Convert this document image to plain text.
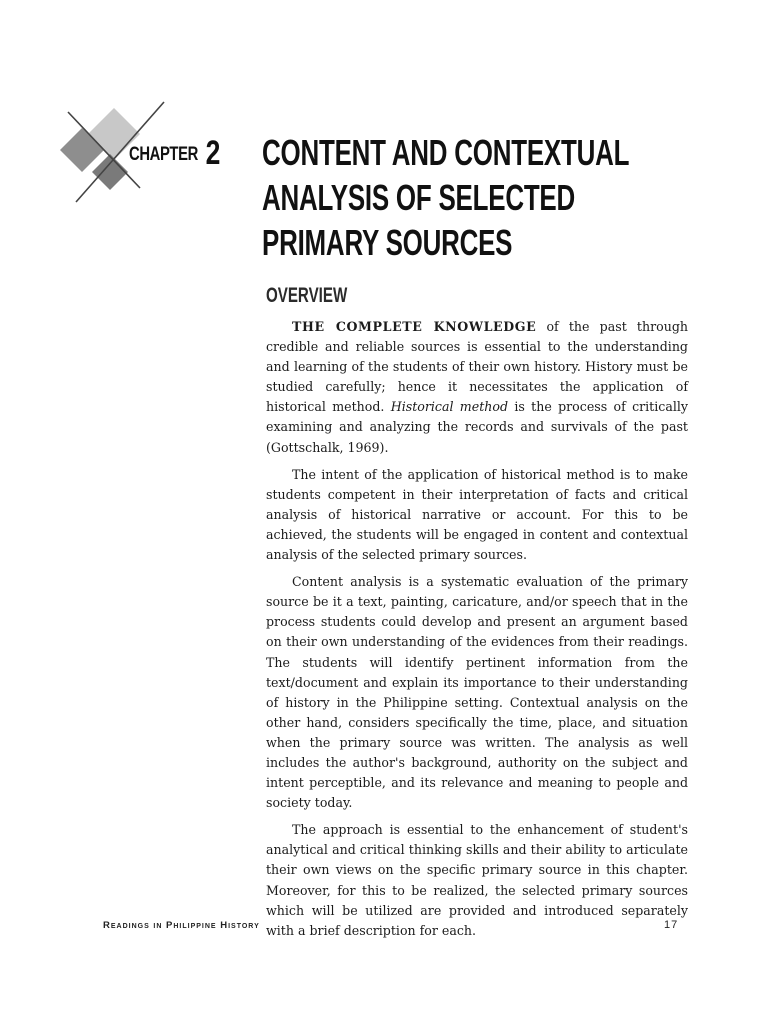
CHAPTER 2 CONTENT AND CONTEXTUAL ANALYSIS OF SELECTED PRIMARY SOURCES
OVERVIEW

THE COMPLETE KNOWLEDGE of the past through credible and reliable sources is essential to the understanding and learning of the students of their own history. History must be studied carefully; hence it necessitates the application of historical method. Historical method is the process of critically examining and analyzing the records and survivals of the past (Gottschalk, 1969).

The intent of the application of historical method is to make students competent in their interpretation of facts and critical analysis of historical narrative or account. For this to be achieved, the students will be engaged in content and contextual analysis of the selected primary sources.

Content analysis is a systematic evaluation of the primary source be it a text, painting, caricature, and/or speech that in the process students could develop and present an argument based on their own understanding of the evidences from their readings. The students will identify pertinent information from the text/document and explain its importance to their understanding of history in the Philippine setting. Contextual analysis on the other hand, considers specifically the time, place, and situation when the primary source was written. The analysis as well includes the author's background, authority on the subject and intent perceptible, and its relevance and meaning to people and society today.

The approach is essential to the enhancement of student's analytical and critical thinking skills and their ability to articulate their own views on the specific primary source in this chapter. Moreover, for this to be realized, the selected primary sources which will be utilized are provided and introduced separately with a brief description for each.

Readings in Philippine History	17
